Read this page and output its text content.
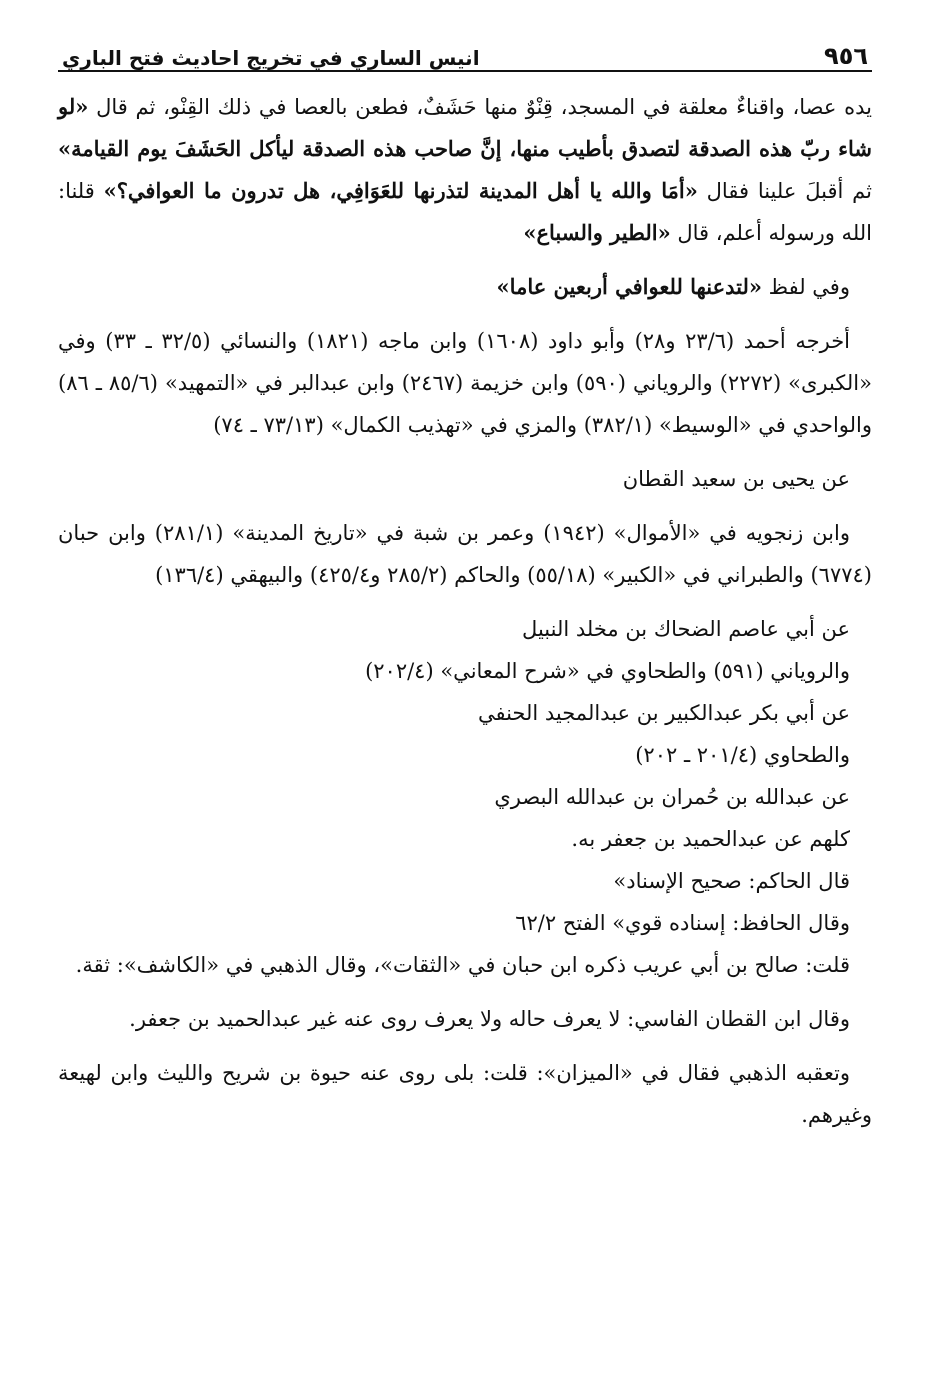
٩٥٦
انيس الساري في تخريج احاديث فتح الباري

يده عصا، واقناءٌ معلقة في المسجد، قِنْوٌ منها حَشَفٌ، فطعن بالعصا في ذلك القِنْو، ثم قال «لو شاء ربّ هذه الصدقة لتصدق بأطيب منها، إنَّ صاحب هذه الصدقة ليأكل الحَشَفَ يوم القيامة» ثم أقبلَ علينا فقال «أمَا والله يا أهل المدينة لتذرنها للعَوَافِي، هل تدرون ما العوافي؟» قلنا: الله ورسوله أعلم، قال «الطير والسباع»

وفي لفظ «لتدعنها للعوافي أربعين عاما»

أخرجه أحمد (٢٣/٦ و٢٨) وأبو داود (١٦٠٨) وابن ماجه (١٨٢١) والنسائي (٣٢/٥ ـ ٣٣) وفي «الكبرى» (٢٢٧٢) والروياني (٥٩٠) وابن خزيمة (٢٤٦٧) وابن عبدالبر في «التمهيد» (٨٥/٦ ـ ٨٦) والواحدي في «الوسيط» (٣٨٢/١) والمزي في «تهذيب الكمال» (٧٣/١٣ ـ ٧٤)

عن يحيى بن سعيد القطان

وابن زنجويه في «الأموال» (١٩٤٢) وعمر بن شبة في «تاريخ المدينة» (٢٨١/١) وابن حبان (٦٧٧٤) والطبراني في «الكبير» (٥٥/١٨) والحاكم (٢٨٥/٢ و٤٢٥/٤) والبيهقي (١٣٦/٤)

عن أبي عاصم الضحاك بن مخلد النبيل

والروياني (٥٩١) والطحاوي في «شرح المعاني» (٢٠٢/٤)

عن أبي بكر عبدالكبير بن عبدالمجيد الحنفي

والطحاوي (٢٠١/٤ ـ ٢٠٢)

عن عبدالله بن حُمران بن عبدالله البصري

كلهم عن عبدالحميد بن جعفر به.

قال الحاكم: صحيح الإسناد»

وقال الحافظ: إسناده قوي» الفتح ٦٢/٢

قلت: صالح بن أبي عريب ذكره ابن حبان في «الثقات»، وقال الذهبي في «الكاشف»: ثقة.

وقال ابن القطان الفاسي: لا يعرف حاله ولا يعرف روى عنه غير عبدالحميد بن جعفر.

وتعقبه الذهبي فقال في «الميزان»: قلت: بلى روى عنه حيوة بن شريح والليث وابن لهيعة وغيرهم.
